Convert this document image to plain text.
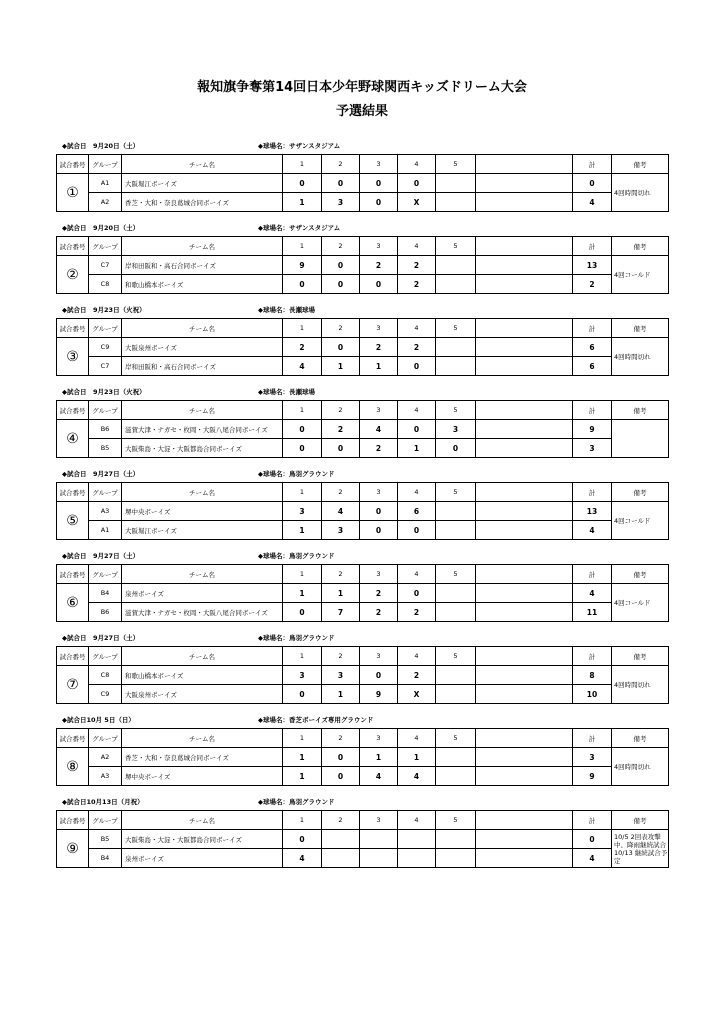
報知旗争奪第14回日本少年野球関西キッズドリーム大会
予選結果
◆試合日　9月20日（土）	◆球場名：サザンスタジアム
試合番号	グループ	チーム名	1	2	3	4	5		計	備考
①	A1	大阪堀江ボーイズ	0	0	0	0			0	4回時間切れ
	A2	香芝・大和・奈良葛城合同ボーイズ	1	3	0	X			4	
◆試合日　9月20日（土）	◆球場名：サザンスタジアム
試合番号	グループ	チーム名	1	2	3	4	5		計	備考
②	C7	岸和田阪和・高石合同ボーイズ	9	0	2	2			13	4回コールド
	C8	和歌山橋本ボーイズ	0	0	0	2			2	
◆試合日　9月23日（火祝）	◆球場名：長瀬球場
試合番号	グループ	チーム名	1	2	3	4	5		計	備考
③	C9	大阪泉州ボーイズ	2	0	2	2			6	4回時間切れ
	C7	岸和田阪和・高石合同ボーイズ	4	1	1	0			6	
◆試合日　9月23日（火祝）	◆球場名：長瀬球場
試合番号	グループ	チーム名	1	2	3	4	5		計	備考
④	B6	滋賀大津・ナガセ・枚岡・大阪八尾合同ボーイズ	0	2	4	0	3		9	
	B5	大阪柴島・大淀・大阪都島合同ボーイズ	0	0	2	1	0		3	
◆試合日　9月27日（土）	◆球場名：鳥羽グラウンド
試合番号	グループ	チーム名	1	2	3	4	5		計	備考
⑤	A3	堺中央ボーイズ	3	4	0	6			13	4回コールド
	A1	大阪堀江ボーイズ	1	3	0	0			4	
◆試合日　9月27日（土）	◆球場名：鳥羽グラウンド
試合番号	グループ	チーム名	1	2	3	4	5		計	備考
⑥	B4	泉州ボーイズ	1	1	2	0			4	4回コールド
	B6	滋賀大津・ナガセ・枚岡・大阪八尾合同ボーイズ	0	7	2	2			11	
◆試合日　9月27日（土）	◆球場名：鳥羽グラウンド
試合番号	グループ	チーム名	1	2	3	4	5		計	備考
⑦	C8	和歌山橋本ボーイズ	3	3	0	2			8	4回時間切れ
	C9	大阪泉州ボーイズ	0	1	9	X			10	
◆試合日10月 5日（日）	◆球場名：香芝ボーイズ専用グラウンド
試合番号	グループ	チーム名	1	2	3	4	5		計	備考
⑧	A2	香芝・大和・奈良葛城合同ボーイズ	1	0	1	1			3	4回時間切れ
	A3	堺中央ボーイズ	1	0	4	4			9	
◆試合日10月13日（月祝）	◆球場名：鳥羽グラウンド
試合番号	グループ	チーム名	1	2	3	4	5		計	備考
⑨	B5	大阪柴島・大淀・大阪都島合同ボーイズ	0						0	10/5 2回表攻撃中、降雨継続試合 10/13 継続試合予定
	B4	泉州ボーイズ	4						4	
